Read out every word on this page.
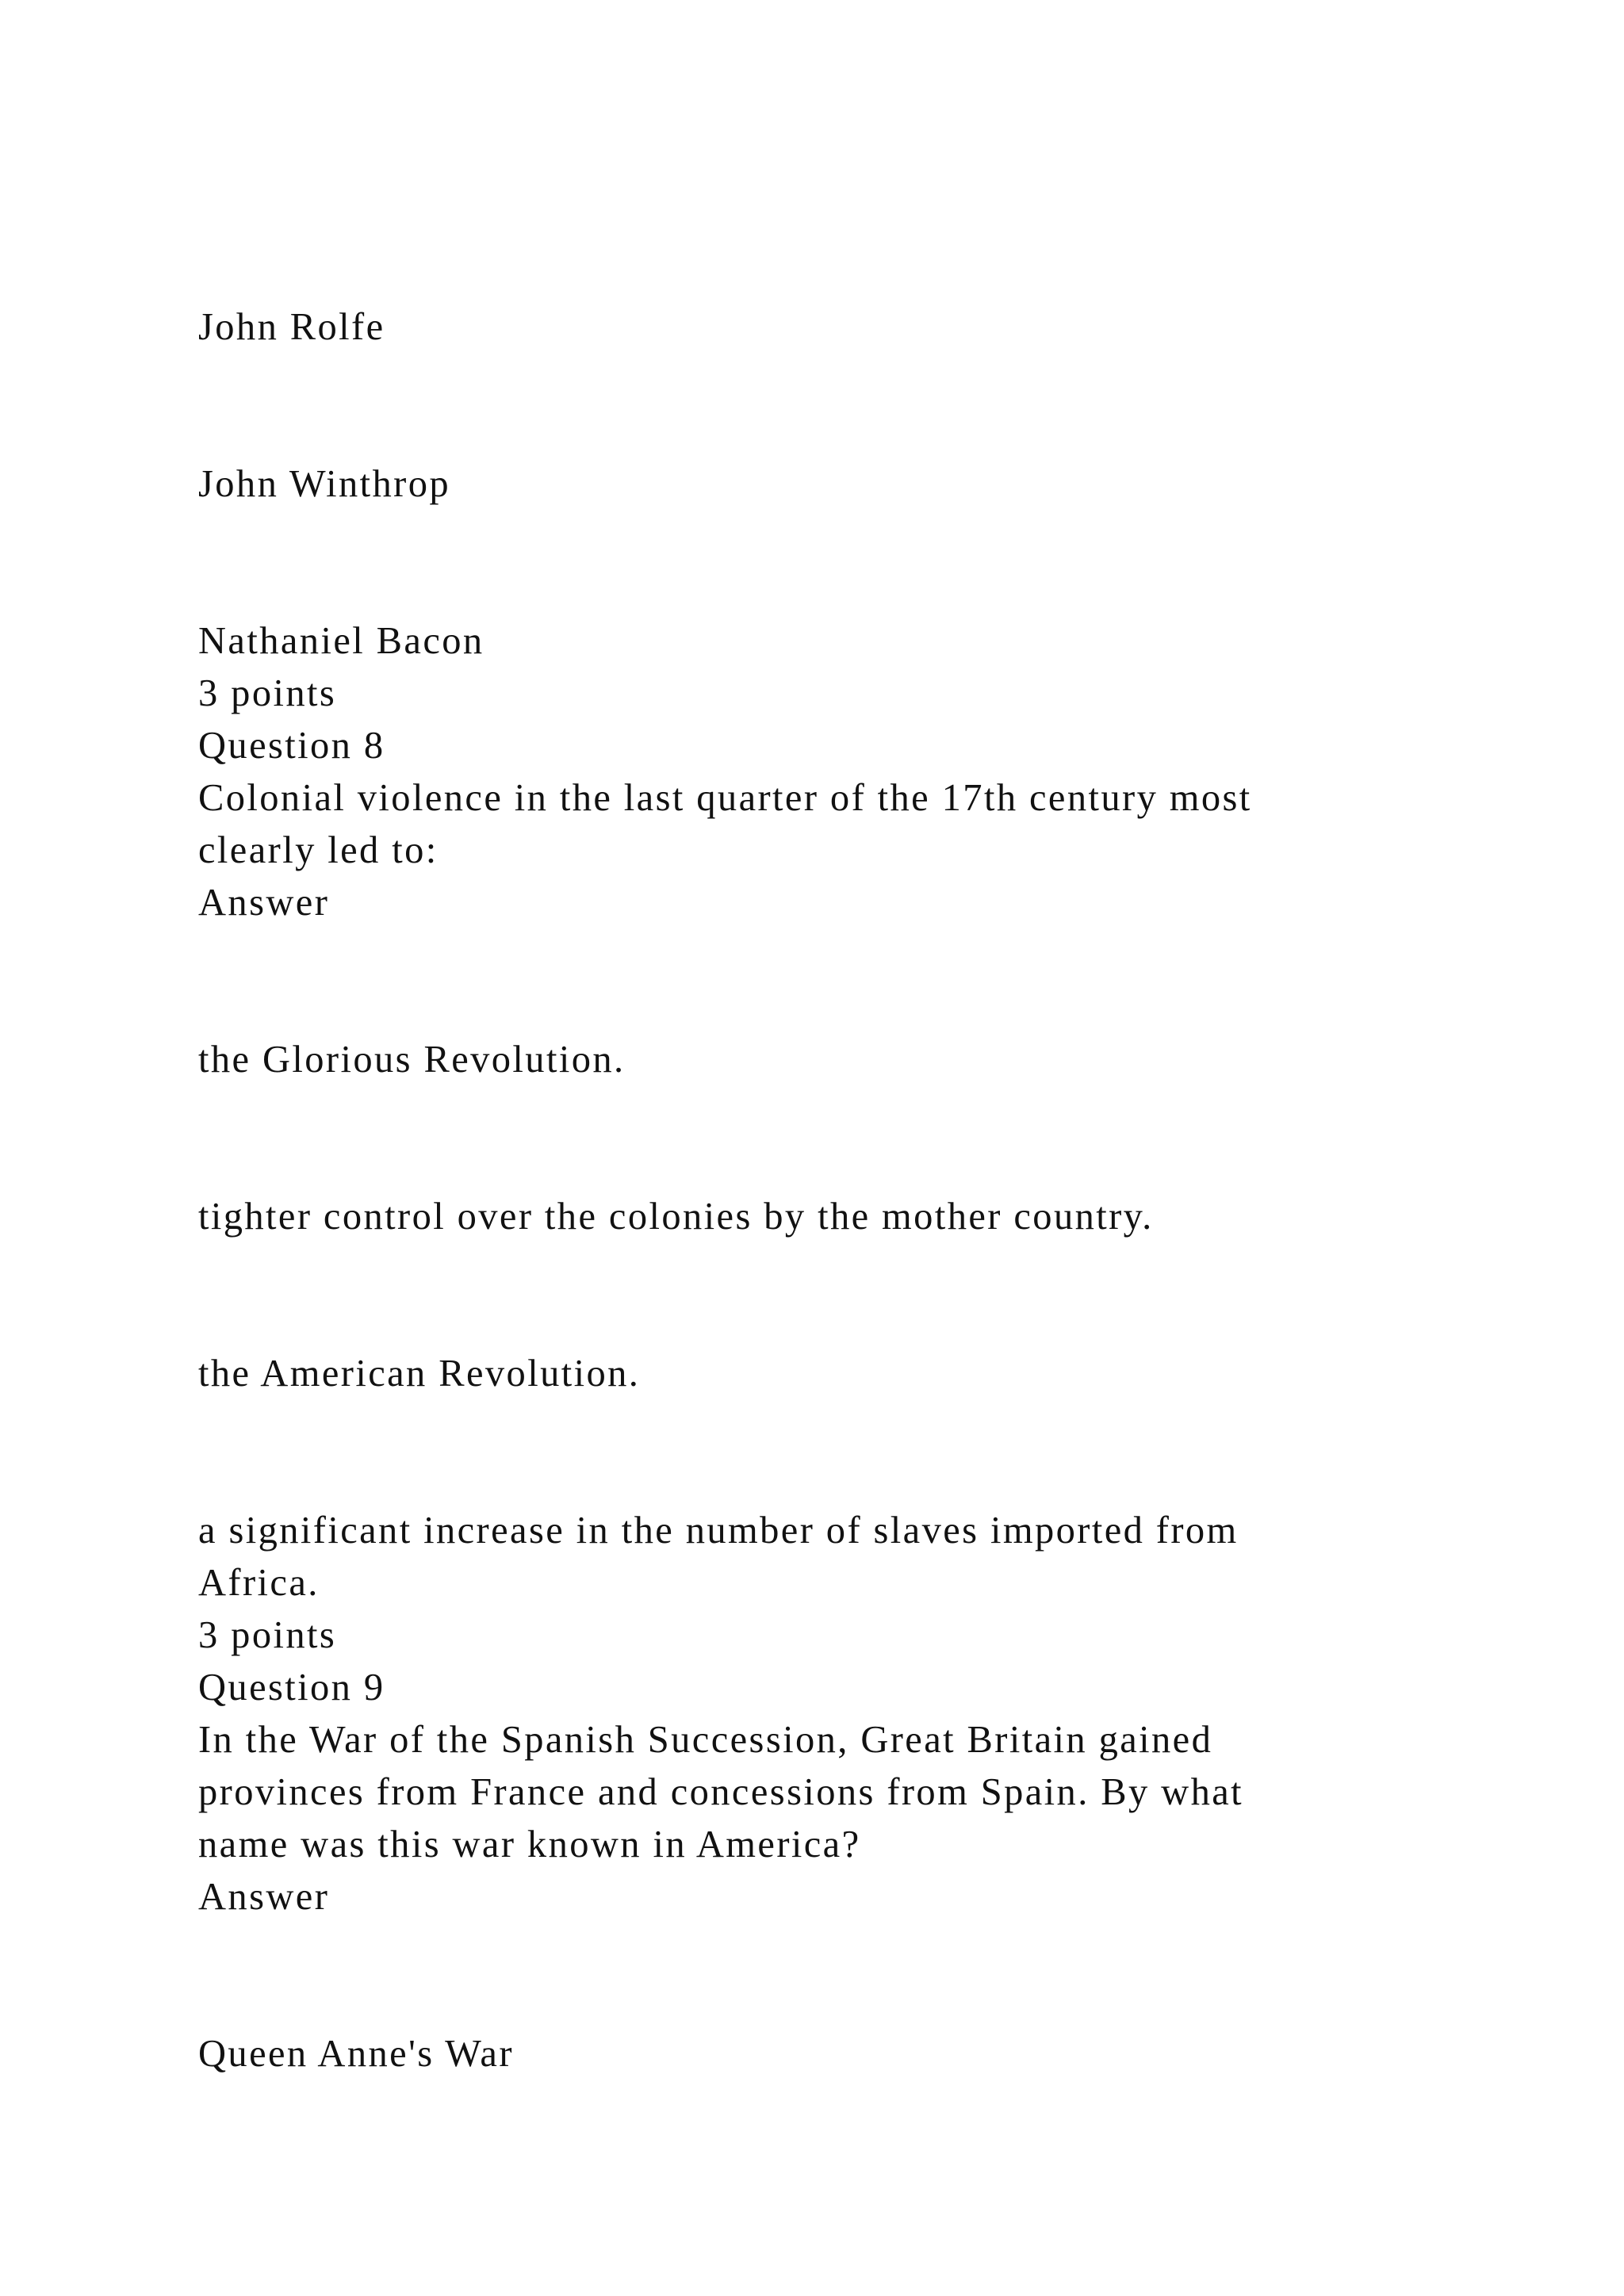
John Rolfe

John Winthrop

Nathaniel Bacon

3 points

Question 8

Colonial violence in the last quarter of the 17th century most

clearly led to:

Answer

the Glorious Revolution.

tighter control over the colonies by the mother country.

the American Revolution.

a significant increase in the number of slaves imported from

Africa.

3 points

Question 9

In the War of the Spanish Succession, Great Britain gained

provinces from France and concessions from Spain. By what

name was this war known in America?

Answer

Queen Anne's War
